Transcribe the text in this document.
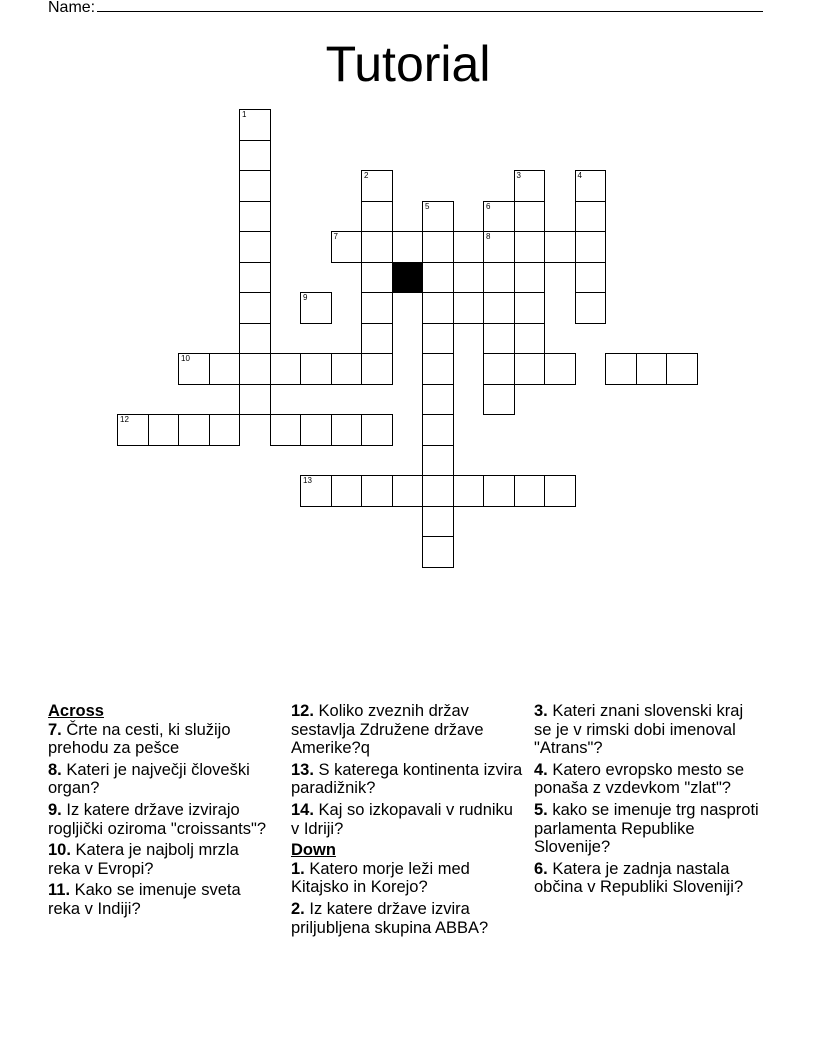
Name:
Tutorial
1
2	3	4
5	6
8
7
9
10
12
13
Across
7. Črte na cesti, ki služijo prehodu za pešce
8. Kateri je največji človeški organ?
9. Iz katere države izvirajo rogljički oziroma "croissants"?
10. Katera je najbolj mrzla reka v Evropi?
11. Kako se imenuje sveta reka v Indiji?
12. Koliko zveznih držav sestavlja Združene države Amerike?q
13. S katerega kontinenta izvira paradižnik?
14. Kaj so izkopavali v rudniku v Idriji?
Down
1. Katero morje leži med Kitajsko in Korejo?
2. Iz katere države izvira priljubljena skupina ABBA?
3. Kateri znani slovenski kraj se je v rimski dobi imenoval "Atrans"?
4. Katero evropsko mesto se ponaša z vzdevkom "zlat"?
5. kako se imenuje trg nasproti parlamenta Republike Slovenije?
6. Katera je zadnja nastala občina v Republiki Sloveniji?
